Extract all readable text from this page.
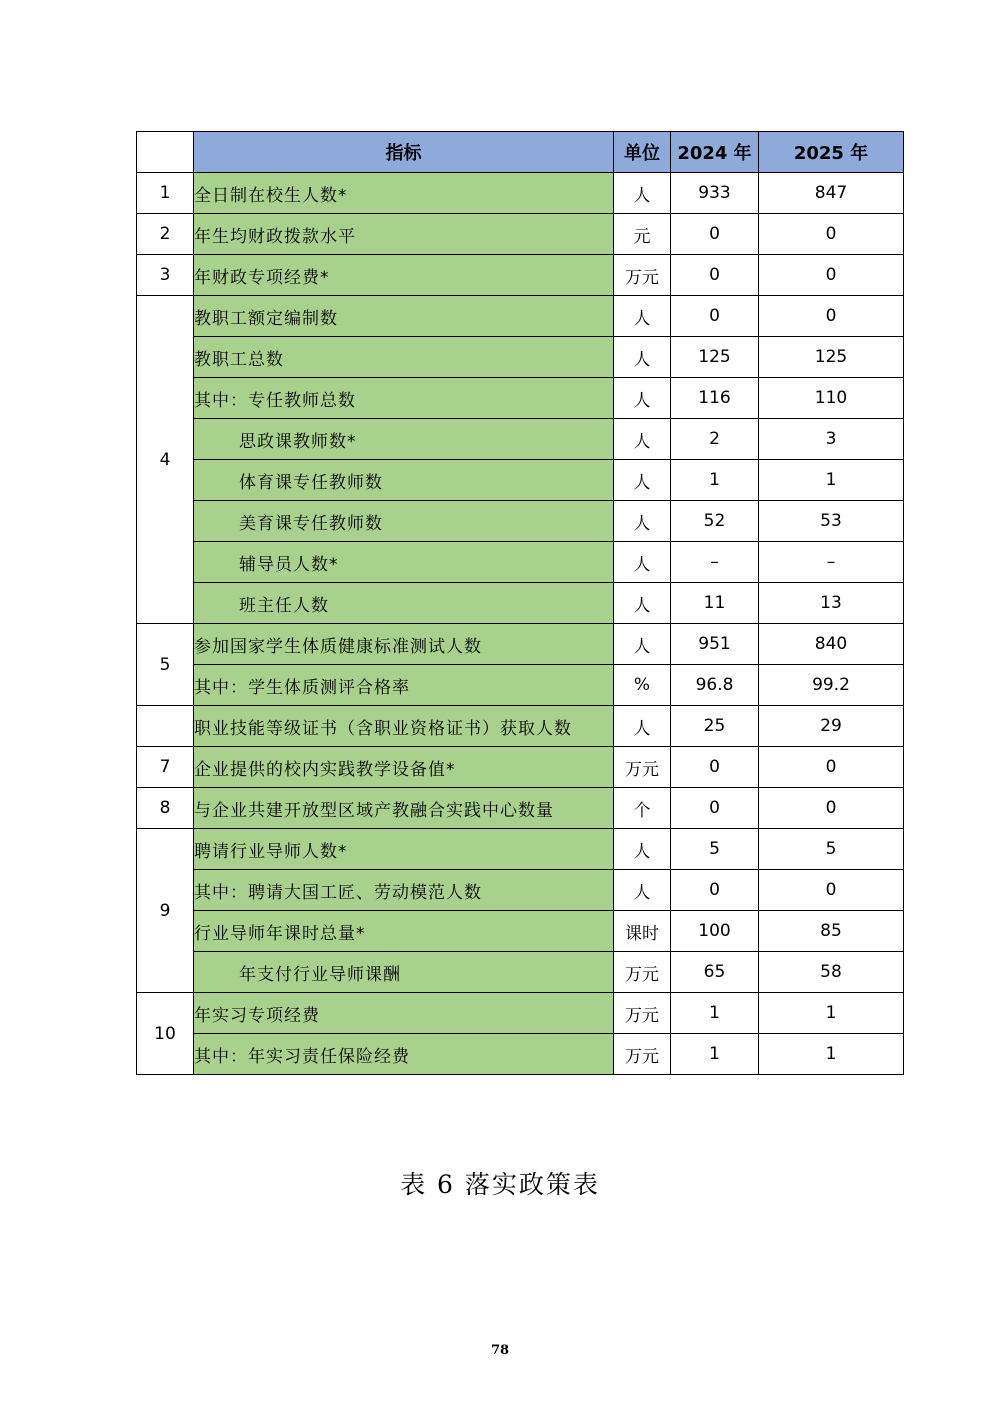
	指标	单位	2024 年	2025 年
1	全日制在校生人数*	人	933	847
2	年生均财政拨款水平	元	0	0
3	年财政专项经费*	万元	0	0
4	教职工额定编制数	人	0	0
	教职工总数	人	125	125
	其中：专任教师总数	人	116	110
	思政课教师数*	人	2	3
	体育课专任教师数	人	1	1
	美育课专任教师数	人	52	53
	辅导员人数*	人	–	–
	班主任人数	人	11	13
5	参加国家学生体质健康标准测试人数	人	951	840
	其中：学生体质测评合格率	%	96.8	99.2
	职业技能等级证书（含职业资格证书）获取人数	人	25	29
7	企业提供的校内实践教学设备值*	万元	0	0
8	与企业共建开放型区域产教融合实践中心数量	个	0	0
9	聘请行业导师人数*	人	5	5
	其中：聘请大国工匠、劳动模范人数	人	0	0
	行业导师年课时总量*	课时	100	85
	年支付行业导师课酬	万元	65	58
10	年实习专项经费	万元	1	1
	其中：年实习责任保险经费	万元	1	1
表 6 落实政策表
78
